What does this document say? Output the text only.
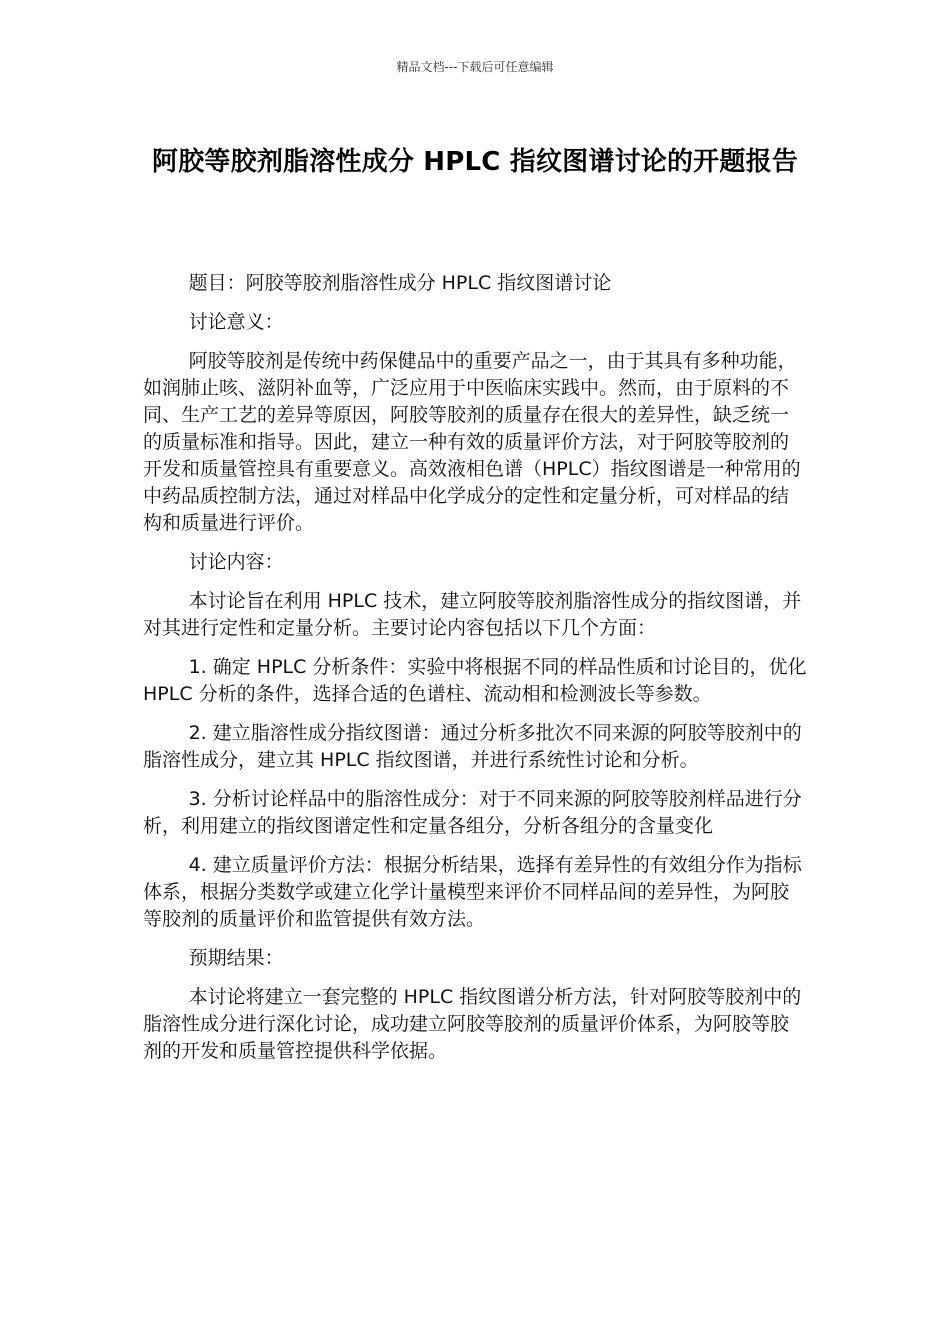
精品文档---下载后可任意编辑
阿胶等胶剂脂溶性成分 HPLC 指纹图谱讨论的开题报告

题目：阿胶等胶剂脂溶性成分 HPLC 指纹图谱讨论

讨论意义：

阿胶等胶剂是传统中药保健品中的重要产品之一，由于其具有多种功能，如润肺止咳、滋阴补血等，广泛应用于中医临床实践中。然而，由于原料的不同、生产工艺的差异等原因，阿胶等胶剂的质量存在很大的差异性，缺乏统一的质量标准和指导。因此，建立一种有效的质量评价方法，对于阿胶等胶剂的开发和质量管控具有重要意义。高效液相色谱（HPLC）指纹图谱是一种常用的中药品质控制方法，通过对样品中化学成分的定性和定量分析，可对样品的结构和质量进行评价。

讨论内容：

本讨论旨在利用 HPLC 技术，建立阿胶等胶剂脂溶性成分的指纹图谱，并对其进行定性和定量分析。主要讨论内容包括以下几个方面：

1. 确定 HPLC 分析条件：实验中将根据不同的样品性质和讨论目的，优化 HPLC 分析的条件，选择合适的色谱柱、流动相和检测波长等参数。

2. 建立脂溶性成分指纹图谱：通过分析多批次不同来源的阿胶等胶剂中的脂溶性成分，建立其 HPLC 指纹图谱，并进行系统性讨论和分析。

3. 分析讨论样品中的脂溶性成分：对于不同来源的阿胶等胶剂样品进行分析，利用建立的指纹图谱定性和定量各组分，分析各组分的含量变化

4. 建立质量评价方法：根据分析结果，选择有差异性的有效组分作为指标体系，根据分类数学或建立化学计量模型来评价不同样品间的差异性，为阿胶等胶剂的质量评价和监管提供有效方法。

预期结果：

本讨论将建立一套完整的 HPLC 指纹图谱分析方法，针对阿胶等胶剂中的脂溶性成分进行深化讨论，成功建立阿胶等胶剂的质量评价体系，为阿胶等胶剂的开发和质量管控提供科学依据。
